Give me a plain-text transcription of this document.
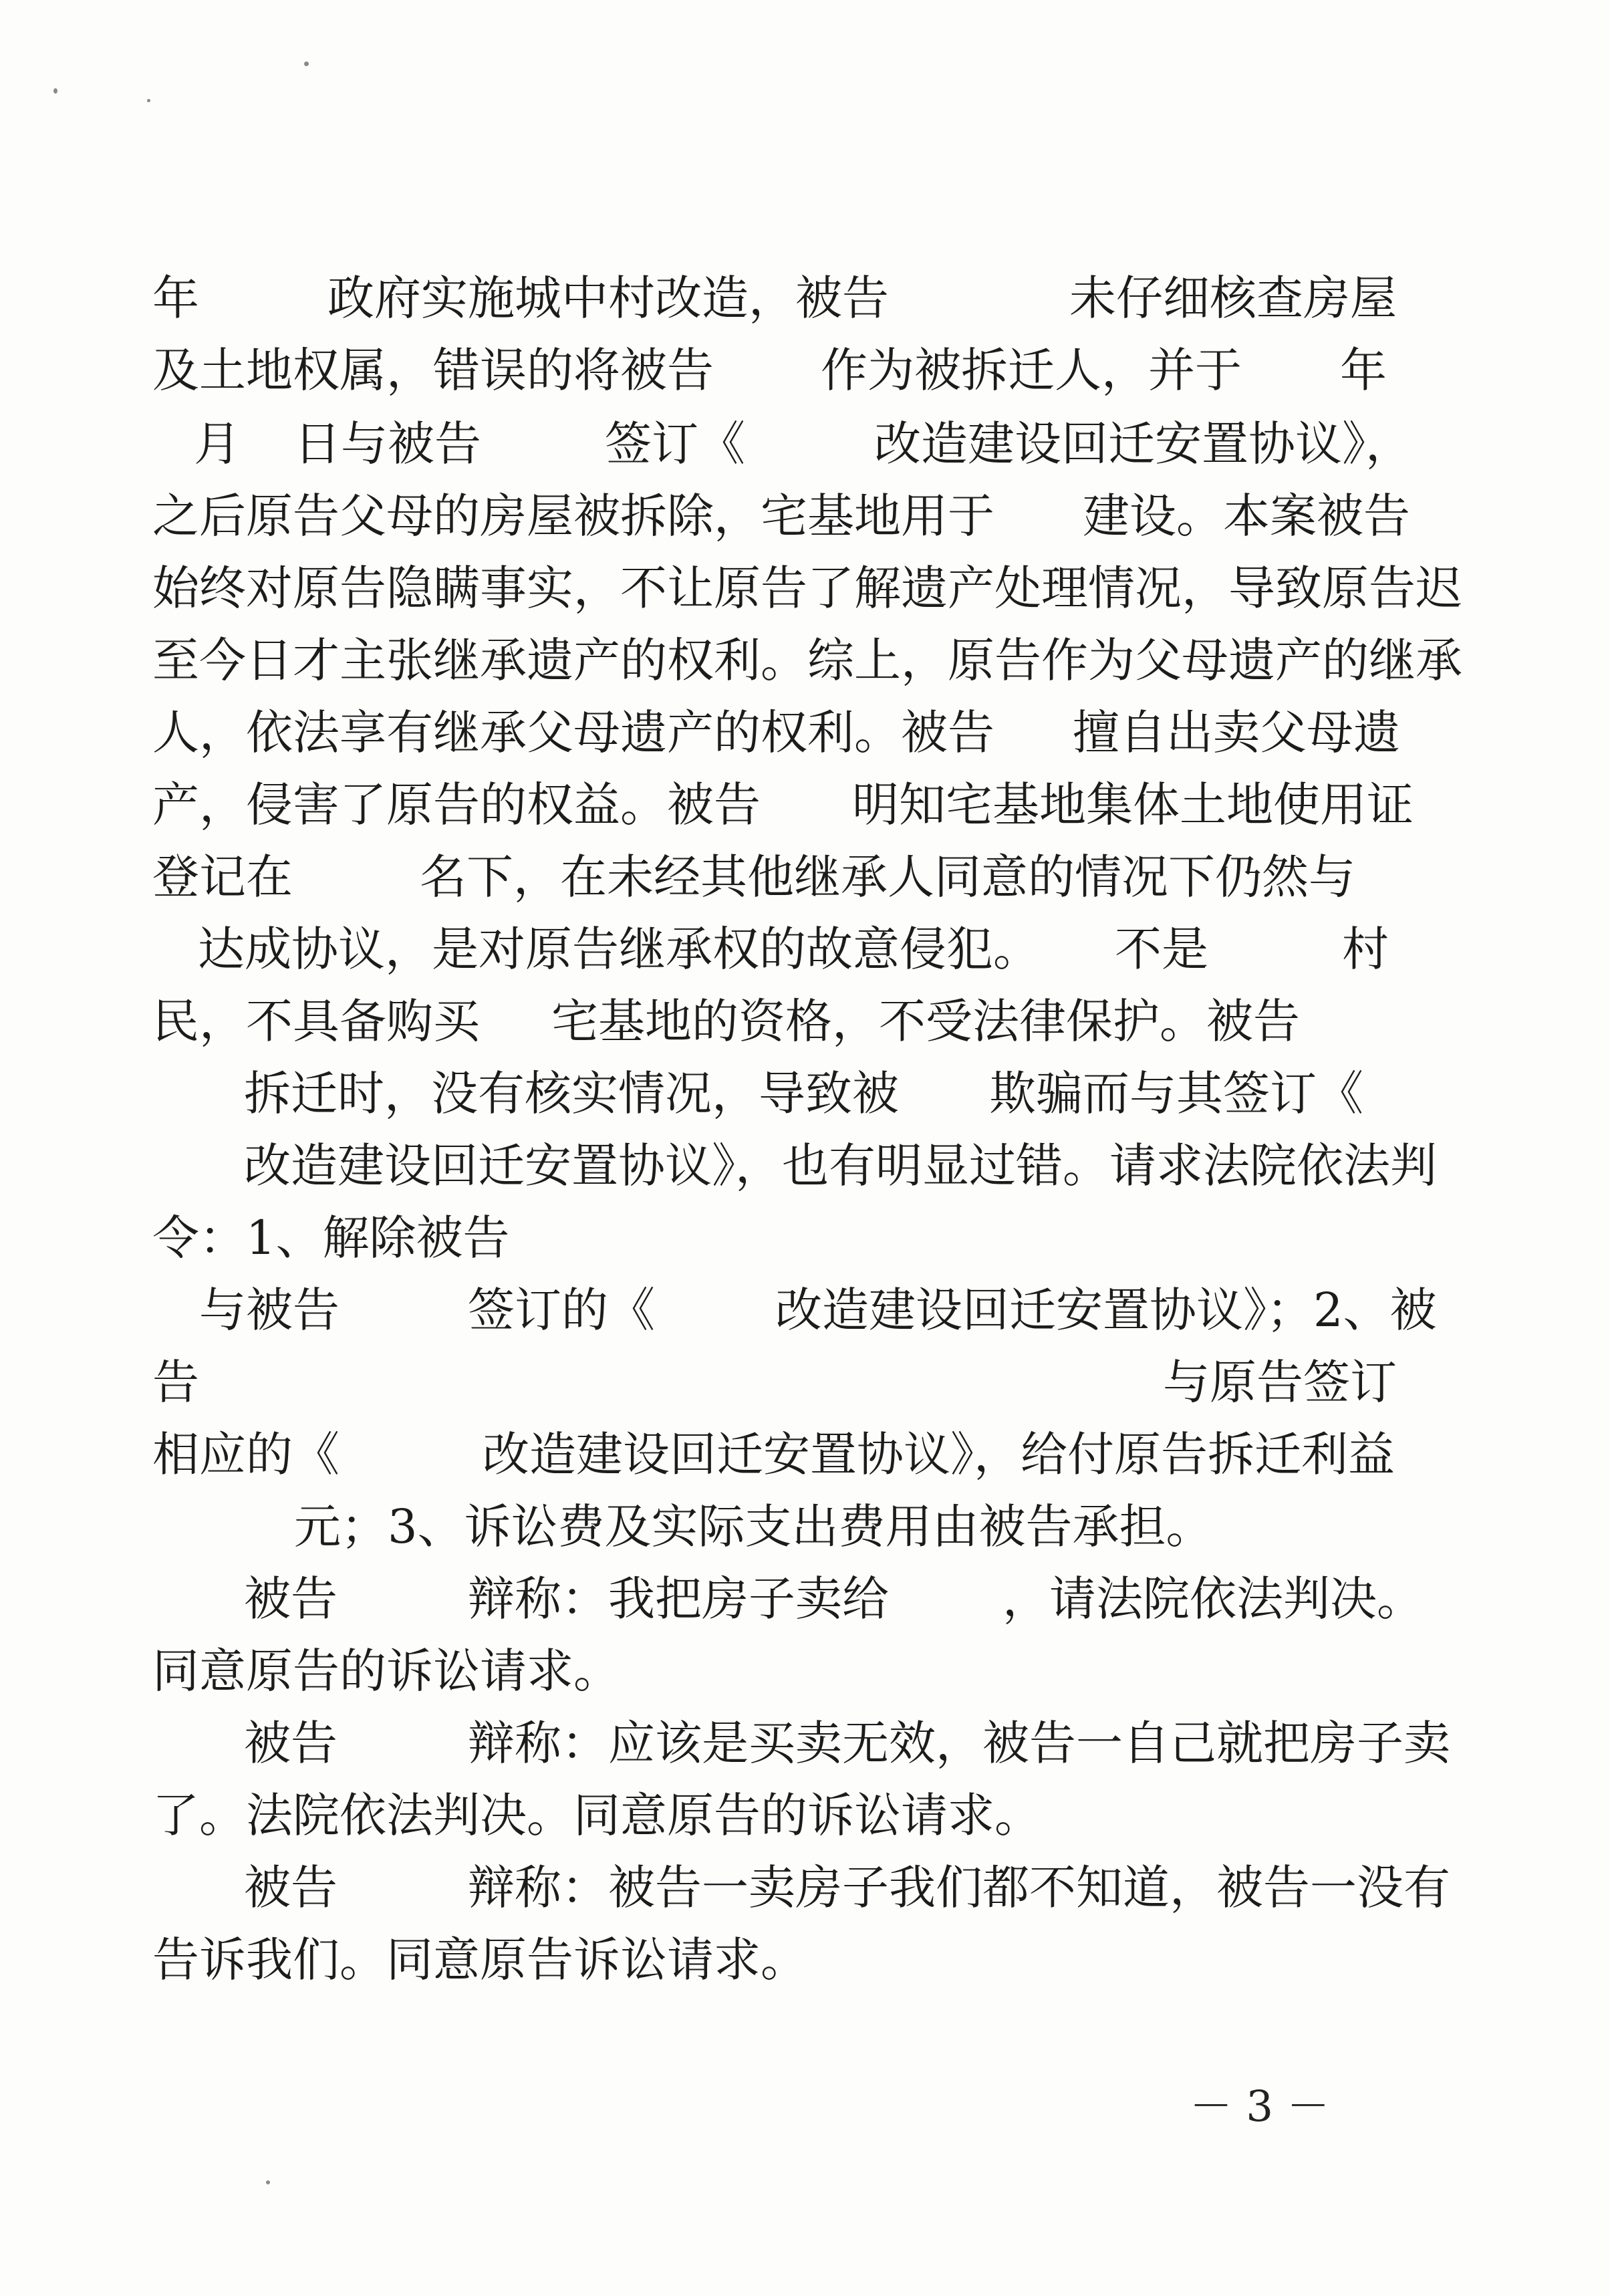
年

	政府实施城中村改造，被告

	未仔细核查房屋

及土地权属，错误的将被告

作为被拆迁人，并于

年

月

日与被告

	签订《

	改造建设回迁安置协议》，

之后原告父母的房屋被拆除，宅基地用于

建设。本案被告

始终对原告隐瞒事实，不让原告了解遗产处理情况，导致原告迟

至今日才主张继承遗产的权利。综上，原告作为父母遗产的继承

人，依法享有继承父母遗产的权利。被告

擅自出卖父母遗

产，侵害了原告的权益。被告

明知宅基地集体土地使用证

登记在

	名下，在未经其他继承人同意的情况下仍然与

达成协议，是对原告继承权的故意侵犯。

不是

	村

民，不具备购买

宅基地的资格，不受法律保护。被告

拆迁时，没有核实情况，导致被

欺骗而与其签订《

改造建设回迁安置协议》，也有明显过错。请求法院依法判

令：1、解除被告

与被告

	签订的《

	改造建设回迁安置协议》；2、被

告

	与原告签订

相应的《

	改造建设回迁安置协议》，给付原告拆迁利益

元；3、诉讼费及实际支出费用由被告承担。

被告

	辩称：我把房子卖给

，请法院依法判决。

同意原告的诉讼请求。

被告

	辩称：应该是买卖无效，被告一自己就把房子卖

了。法院依法判决。同意原告的诉讼请求。

被告

	辩称：被告一卖房子我们都不知道，被告一没有

告诉我们。同意原告诉讼请求。

－ 3 －
